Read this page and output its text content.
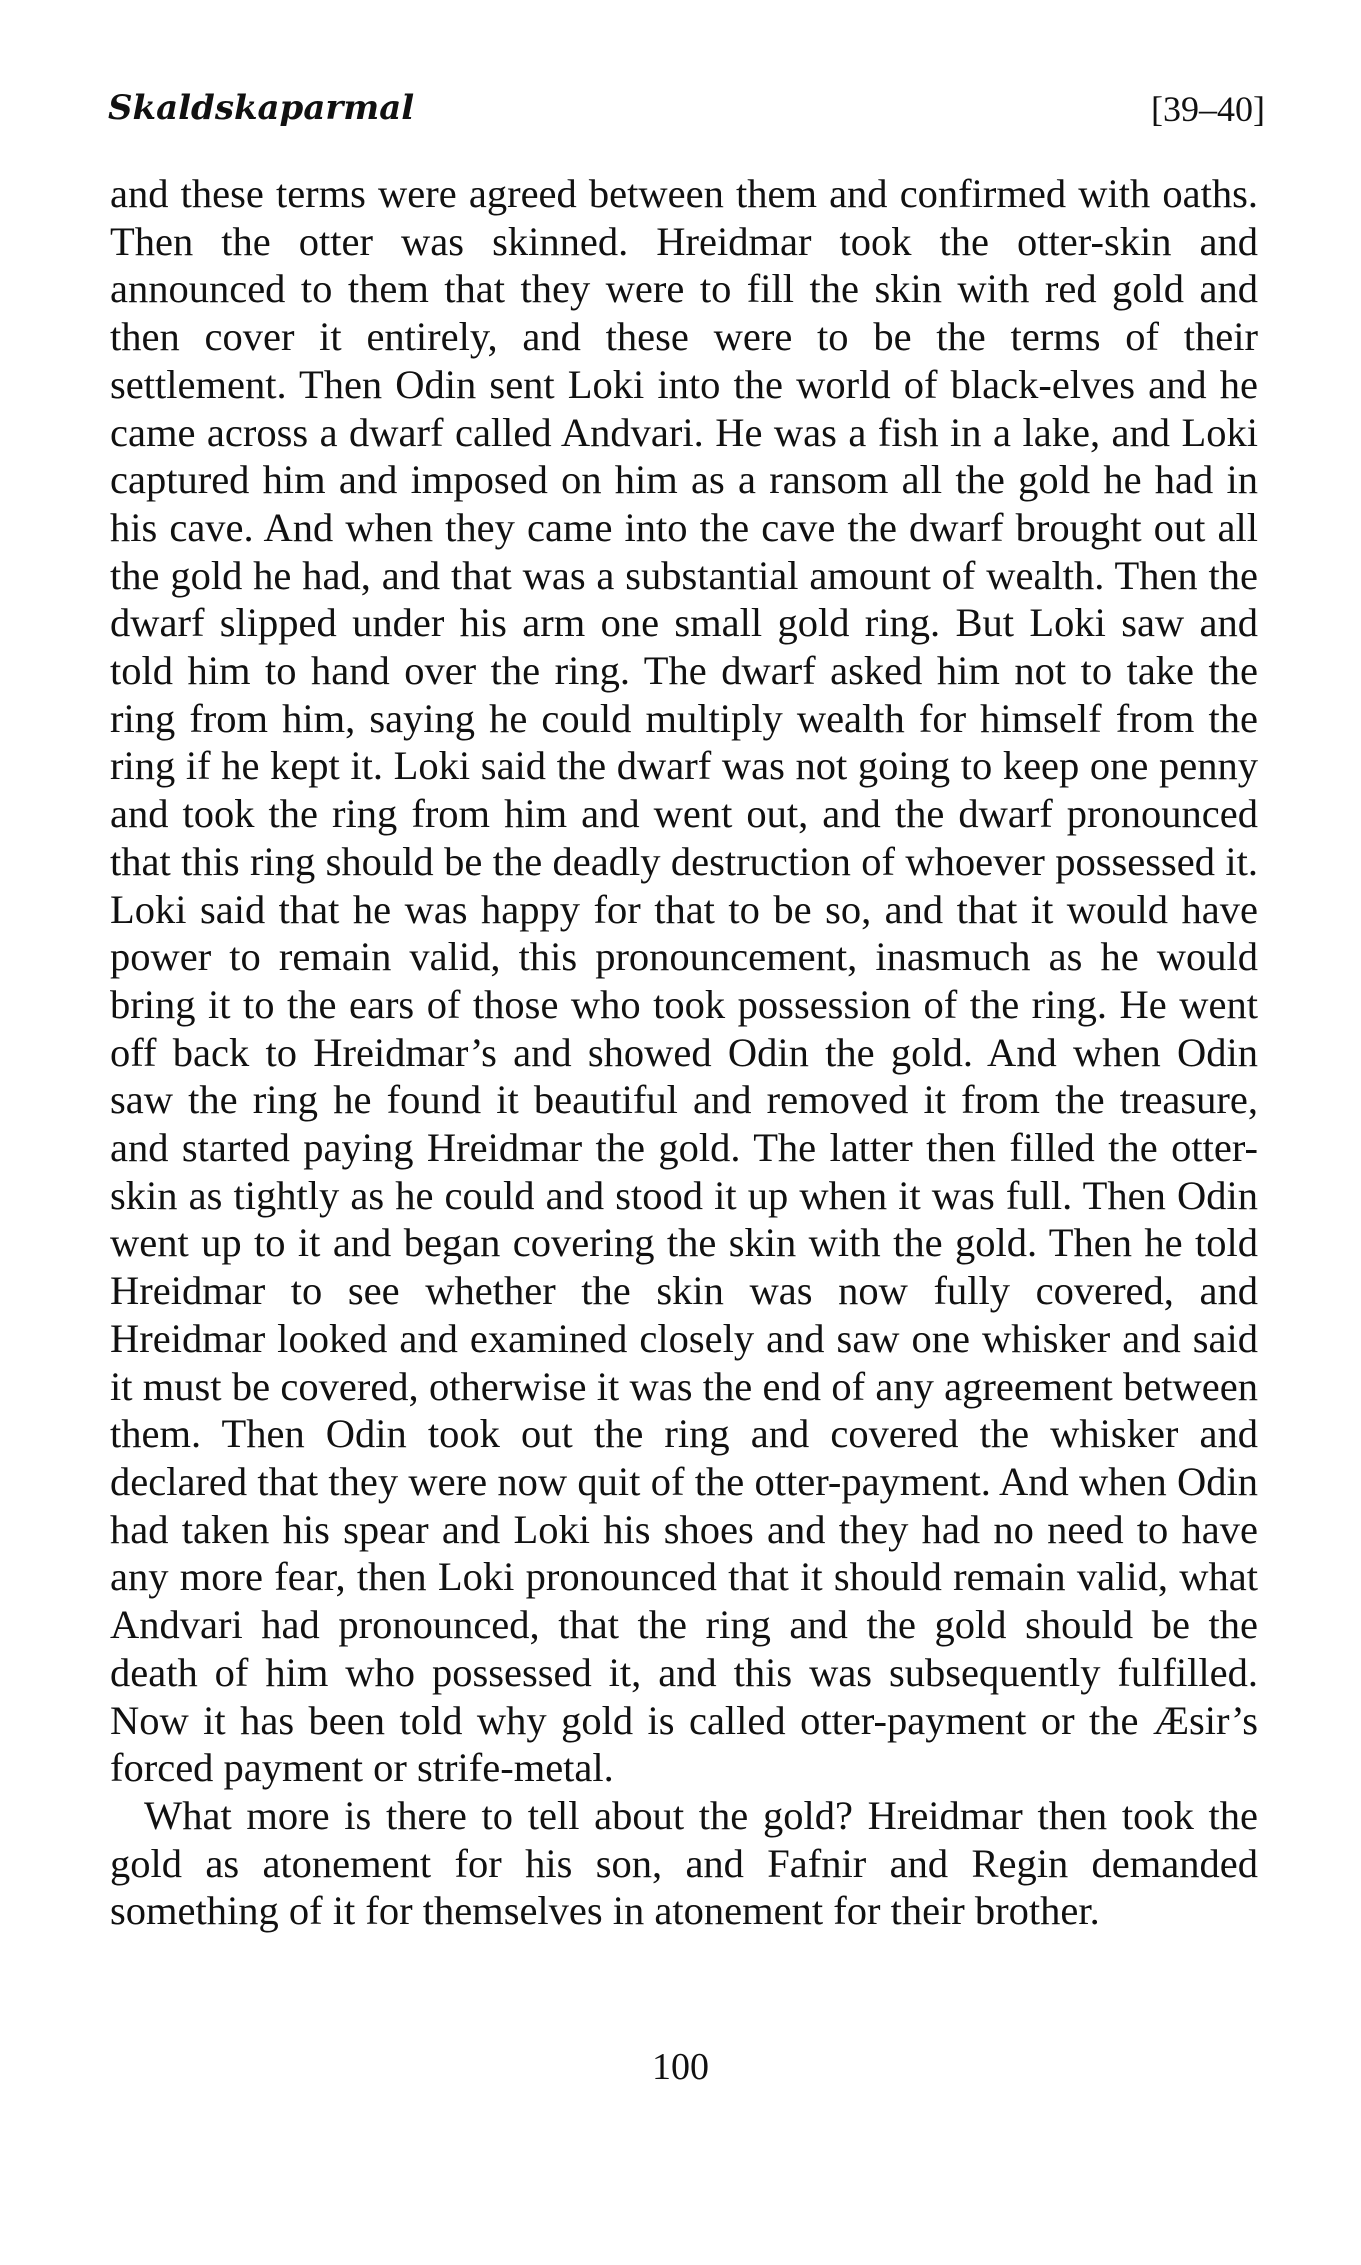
Skaldskaparmal	[39–40]

and these terms were agreed between them and confirmed with oaths. Then the otter was skinned. Hreidmar took the otter-skin and announced to them that they were to fill the skin with red gold and then cover it entirely, and these were to be the terms of their settlement. Then Odin sent Loki into the world of black-elves and he came across a dwarf called Andvari. He was a fish in a lake, and Loki captured him and imposed on him as a ransom all the gold he had in his cave. And when they came into the cave the dwarf brought out all the gold he had, and that was a substantial amount of wealth. Then the dwarf slipped under his arm one small gold ring. But Loki saw and told him to hand over the ring. The dwarf asked him not to take the ring from him, saying he could multiply wealth for himself from the ring if he kept it. Loki said the dwarf was not going to keep one penny and took the ring from him and went out, and the dwarf pronounced that this ring should be the deadly destruction of whoever possessed it. Loki said that he was happy for that to be so, and that it would have power to remain valid, this pronouncement, inasmuch as he would bring it to the ears of those who took possession of the ring. He went off back to Hreidmar’s and showed Odin the gold. And when Odin saw the ring he found it beautiful and removed it from the treasure, and started paying Hreidmar the gold. The latter then filled the otter-skin as tightly as he could and stood it up when it was full. Then Odin went up to it and began covering the skin with the gold. Then he told Hreidmar to see whether the skin was now fully covered, and Hreidmar looked and examined closely and saw one whisker and said it must be covered, otherwise it was the end of any agreement between them. Then Odin took out the ring and covered the whisker and declared that they were now quit of the otter-payment. And when Odin had taken his spear and Loki his shoes and they had no need to have any more fear, then Loki pronounced that it should remain valid, what Andvari had pronounced, that the ring and the gold should be the death of him who possessed it, and this was subsequently fulfilled. Now it has been told why gold is called otter-payment or the Æsir’s forced payment or strife-metal.

What more is there to tell about the gold? Hreidmar then took the gold as atonement for his son, and Fafnir and Regin demanded something of it for themselves in atonement for their brother.

100
